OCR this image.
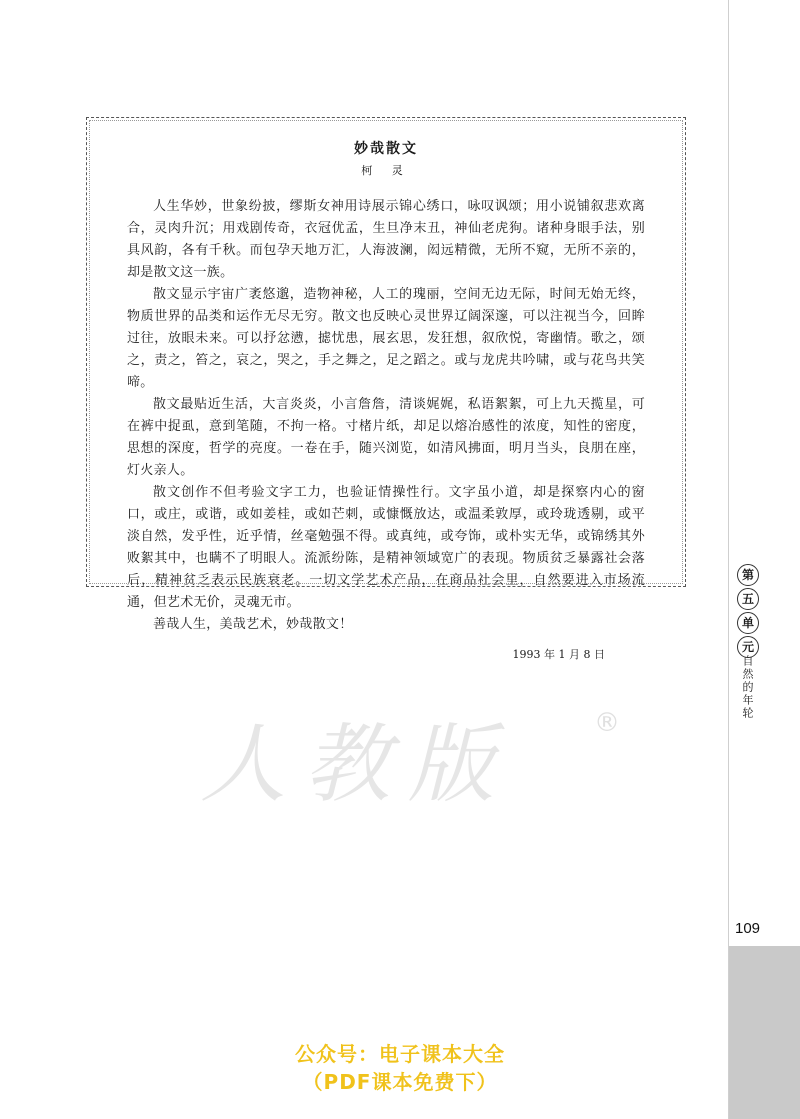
妙哉散文
柯 灵

人生华妙，世象纷披，缪斯女神用诗展示锦心绣口，咏叹讽颂；用小说铺叙悲欢离合，灵肉升沉；用戏剧传奇，衣冠优孟，生旦净末丑，神仙老虎狗。诸种身眼手法，别具风韵，各有千秋。而包孕天地万汇，人海波澜，闳远精微，无所不窥，无所不亲的，却是散文这一族。

散文显示宇宙广袤悠邈，造物神秘，人工的瑰丽，空间无边无际，时间无始无终，物质世界的品类和运作无尽无穷。散文也反映心灵世界辽阔深邃，可以注视当今，回眸过往，放眼未来。可以抒忿懑，摅忧患，展玄思，发狂想，叙欣悦，寄幽情。歌之，颂之，责之，笞之，哀之，哭之，手之舞之，足之蹈之。或与龙虎共吟啸，或与花鸟共笑啼。

散文最贴近生活，大言炎炎，小言詹詹，清谈娓娓，私语絮絮，可上九天揽星，可在裤中捉虱，意到笔随，不拘一格。寸楮片纸，却足以熔冶感性的浓度，知性的密度，思想的深度，哲学的亮度。一卷在手，随兴浏览，如清风拂面，明月当头，良朋在座，灯火亲人。

散文创作不但考验文字工力，也验证情操性行。文字虽小道，却是探察内心的窗口，或庄，或谐，或如姜桂，或如芒刺，或慷慨放达，或温柔敦厚，或玲珑透剔，或平淡自然，发乎性，近乎情，丝毫勉强不得。或真纯，或夸饰，或朴实无华，或锦绣其外败絮其中，也瞒不了明眼人。流派纷陈，是精神领域宽广的表现。物质贫乏暴露社会落后，精神贫乏表示民族衰老。一切文学艺术产品，在商品社会里，自然要进入市场流通，但艺术无价，灵魂无市。

善哉人生，美哉艺术，妙哉散文！

1993 年 1 月 8 日
人教版	®
第
五
单
元
自然的年轮
109
公众号：电子课本大全
（PDF课本免费下）
